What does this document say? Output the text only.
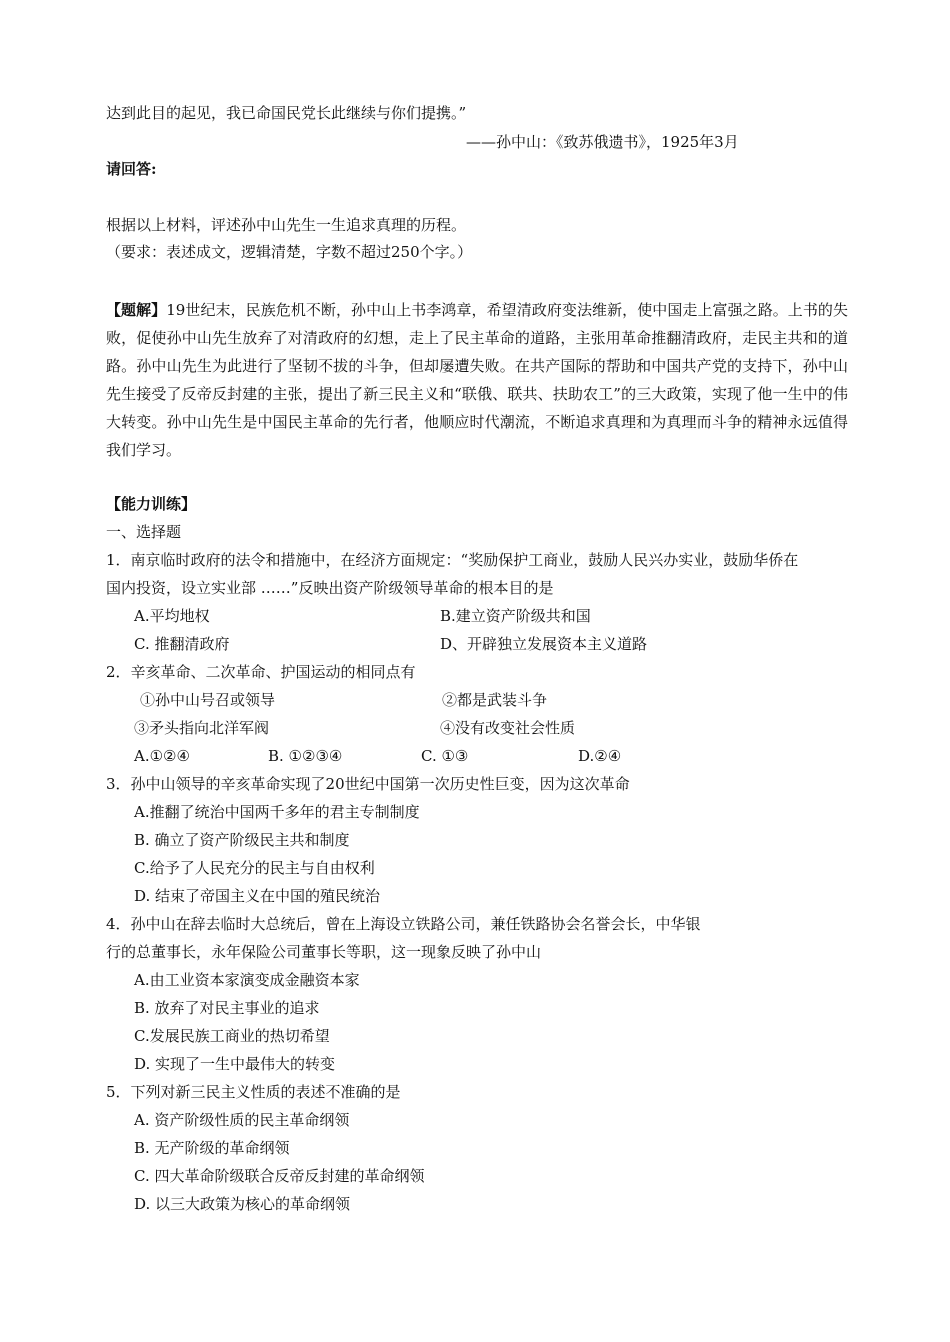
达到此目的起见，我已命国民党长此继续与你们提携。”
——孙中山：《致苏俄遗书》，1925年3月
请回答:
根据以上材料，评述孙中山先生一生追求真理的历程。
（要求：表述成文，逻辑清楚，字数不超过250个字。）
【题解】19世纪末，民族危机不断，孙中山上书李鸿章，希望清政府变法维新，使中国走上富强之路。上书的失败，促使孙中山先生放弃了对清政府的幻想，走上了民主革命的道路，主张用革命推翻清政府，走民主共和的道路。孙中山先生为此进行了坚韧不拔的斗争，但却屡遭失败。在共产国际的帮助和中国共产党的支持下，孙中山先生接受了反帝反封建的主张，提出了新三民主义和“联俄、联共、扶助农工”的三大政策，实现了他一生中的伟大转变。孙中山先生是中国民主革命的先行者，他顺应时代潮流，不断追求真理和为真理而斗争的精神永远值得我们学习。
【能力训练】
一、选择题
1．南京临时政府的法令和措施中，在经济方面规定：“奖励保护工商业，鼓励人民兴办实业，鼓励华侨在
国内投资，设立实业部 ……”反映出资产阶级领导革命的根本目的是
A.平均地权	B.建立资产阶级共和国
C. 推翻清政府	D、开辟独立发展资本主义道路
2．辛亥革命、二次革命、护国运动的相同点有
①孙中山号召或领导	②都是武装斗争
③矛头指向北洋军阀	④没有改变社会性质
A.①②④	B. ①②③④	C. ①③	D.②④
3．孙中山领导的辛亥革命实现了20世纪中国第一次历史性巨变，因为这次革命
A.推翻了统治中国两千多年的君主专制制度
B. 确立了资产阶级民主共和制度
C.给予了人民充分的民主与自由权利
D. 结束了帝国主义在中国的殖民统治
4．孙中山在辞去临时大总统后，曾在上海设立铁路公司，兼任铁路协会名誉会长，中华银
行的总董事长，永年保险公司董事长等职，这一现象反映了孙中山
A.由工业资本家演变成金融资本家
B. 放弃了对民主事业的追求
C.发展民族工商业的热切希望
D. 实现了一生中最伟大的转变
5．下列对新三民主义性质的表述不准确的是
A. 资产阶级性质的民主革命纲领
B. 无产阶级的革命纲领
C. 四大革命阶级联合反帝反封建的革命纲领
D. 以三大政策为核心的革命纲领
